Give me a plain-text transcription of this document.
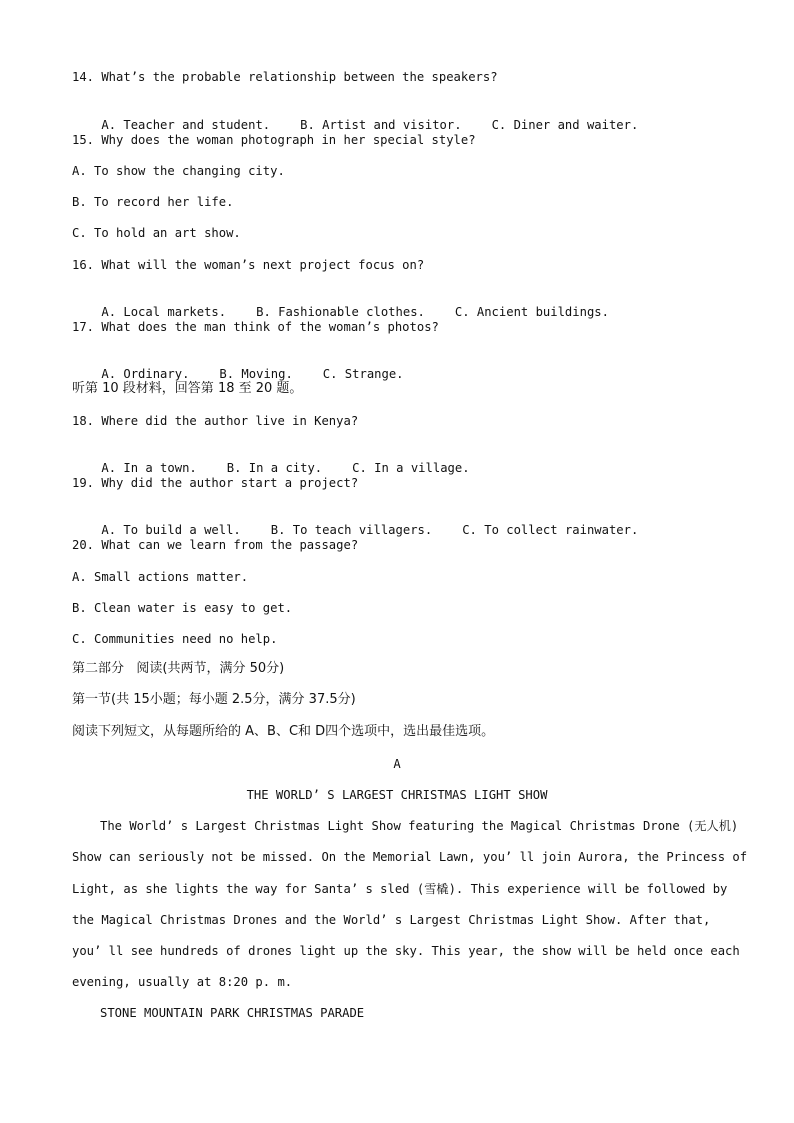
14. What’s the probable relationship between the speakers?

A. Teacher and student. B. Artist and visitor. C. Diner and waiter.

15. Why does the woman photograph in her special style?
A. To show the changing city.
B. To record her life.
C. To hold an art show.
16. What will the woman’s next project focus on?

A. Local markets. B. Fashionable clothes. C. Ancient buildings.

17. What does the man think of the woman’s photos?

A. Ordinary. B. Moving. C. Strange.

听第 10 段材料，回答第 18 至 20 题。
18. Where did the author live in Kenya?

A. In a town. B. In a city. C. In a village.

19. Why did the author start a project?

A. To build a well. B. To teach villagers. C. To collect rainwater.

20. What can we learn from the passage?
A. Small actions matter.
B. Clean water is easy to get.
C. Communities need no help.
第二部分   阅读(共两节，满分 50分)
第一节(共 15小题；每小题 2.5分，满分 37.5分)
阅读下列短文，从每题所给的 A、B、C和 D四个选项中，选出最佳选项。
A
THE WORLD’ S LARGEST CHRISTMAS LIGHT SHOW
The World’ s Largest Christmas Light Show featuring the Magical Christmas Drone (无人机)
Show can seriously not be missed. On the Memorial Lawn, you’ ll join Aurora, the Princess of
Light, as she lights the way for Santa’ s sled (雪橇). This experience will be followed by
the Magical Christmas Drones and the World’ s Largest Christmas Light Show. After that,
you’ ll see hundreds of drones light up the sky. This year, the show will be held once each
evening, usually at 8:20 p. m.
STONE MOUNTAIN PARK CHRISTMAS PARADE
